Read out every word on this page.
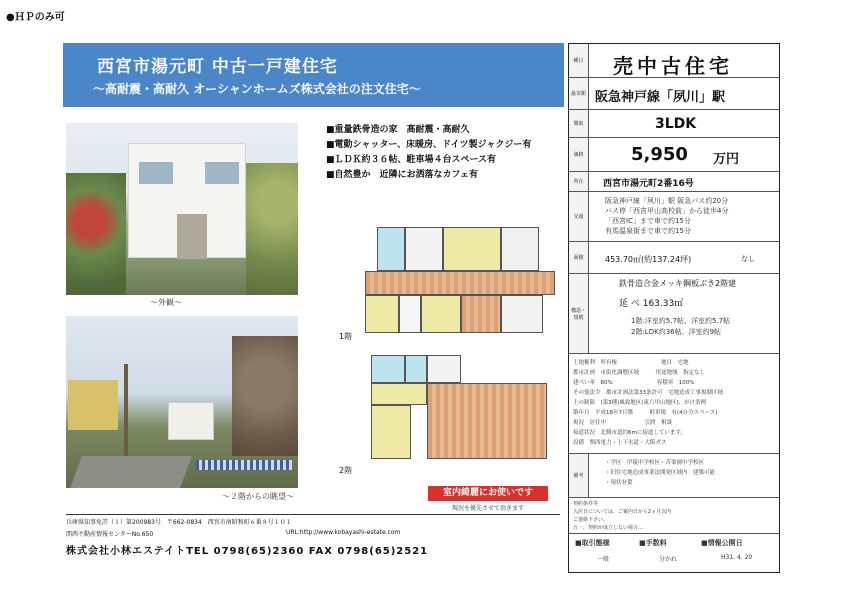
●ＨＰのみ可
西宮市湯元町 中古一戸建住宅
～高耐震・高耐久 オーシャンホームズ株式会社の注文住宅～
～外観～
～２階からの眺望～
■重量鉄骨造の家　高耐震・高耐久
■電動シャッター、床暖房、ドイツ製ジャクジー有
■ＬＤＫ約３６帖、駐車場４台スペース有
■自然豊か　近隣にお洒落なカフェ有
1階
2階
室内綺麗にお使いです
現況を優先させて頂きます
種目 売中古住宅
最寄駅 阪急神戸線「夙川」駅
間取	3LDK
価格	5,950 万円
所在	西宮市湯元町2番16号
交通
阪急神戸線「夙川」駅 阪急バス約20分
バス停「西宮甲山高校前」から徒歩4分
「西宮IC」まで車で約15分
有馬温泉街まで車で約15分
面積	453.70㎡(約137.24坪)	なし
構造・規模
鉄骨造合金メッキ鋼板ぶき2階建
延 べ 163.33㎡
1階:洋室約5.7帖、洋室約5.7帖
2階:LDK約36帖、洋室約9帖
土地権利　所有権　　　　　　　　地目　宅地
都市計画　市街化調整区域　　　用途地域　指定なし
建ぺい率　60%　　　　　　　　容積率　100%
その他法令　都市計画法第33条許可　宅地造成工事規制区域
上の制限　(第3種)風致地区(東六甲山地区)、がけ条例
築年月　平成18年7月築　　　駐車場　有(4台分スペース)
現況　居住中　　　　　　　引渡　相談
接道状況　北側市道約6mに接道しています。
設備　関西電力・上下水道・大阪ガス
備考
・学区　甲陵中学校区・苦楽園中学校区
・旧住宅地造成事業法開発区域内　建築可能
・現状有姿
契約条件等
入居日については、ご案内日から2ヵ月以内
ご連絡下さい。
万一、契約が成立しない場合…
■取引態様	■手数料	■情報公開日
一般	分かれ	H31. 4. 20
兵庫県知事免許（１）第200983号　〒662-0834　西宮市南昭和町６番８号１０１
関西不動産情報センターNo.650	URL:http://www.kobayashi-estate.com
株式会社小林エステイトTEL 0798(65)2360 FAX 0798(65)2521
